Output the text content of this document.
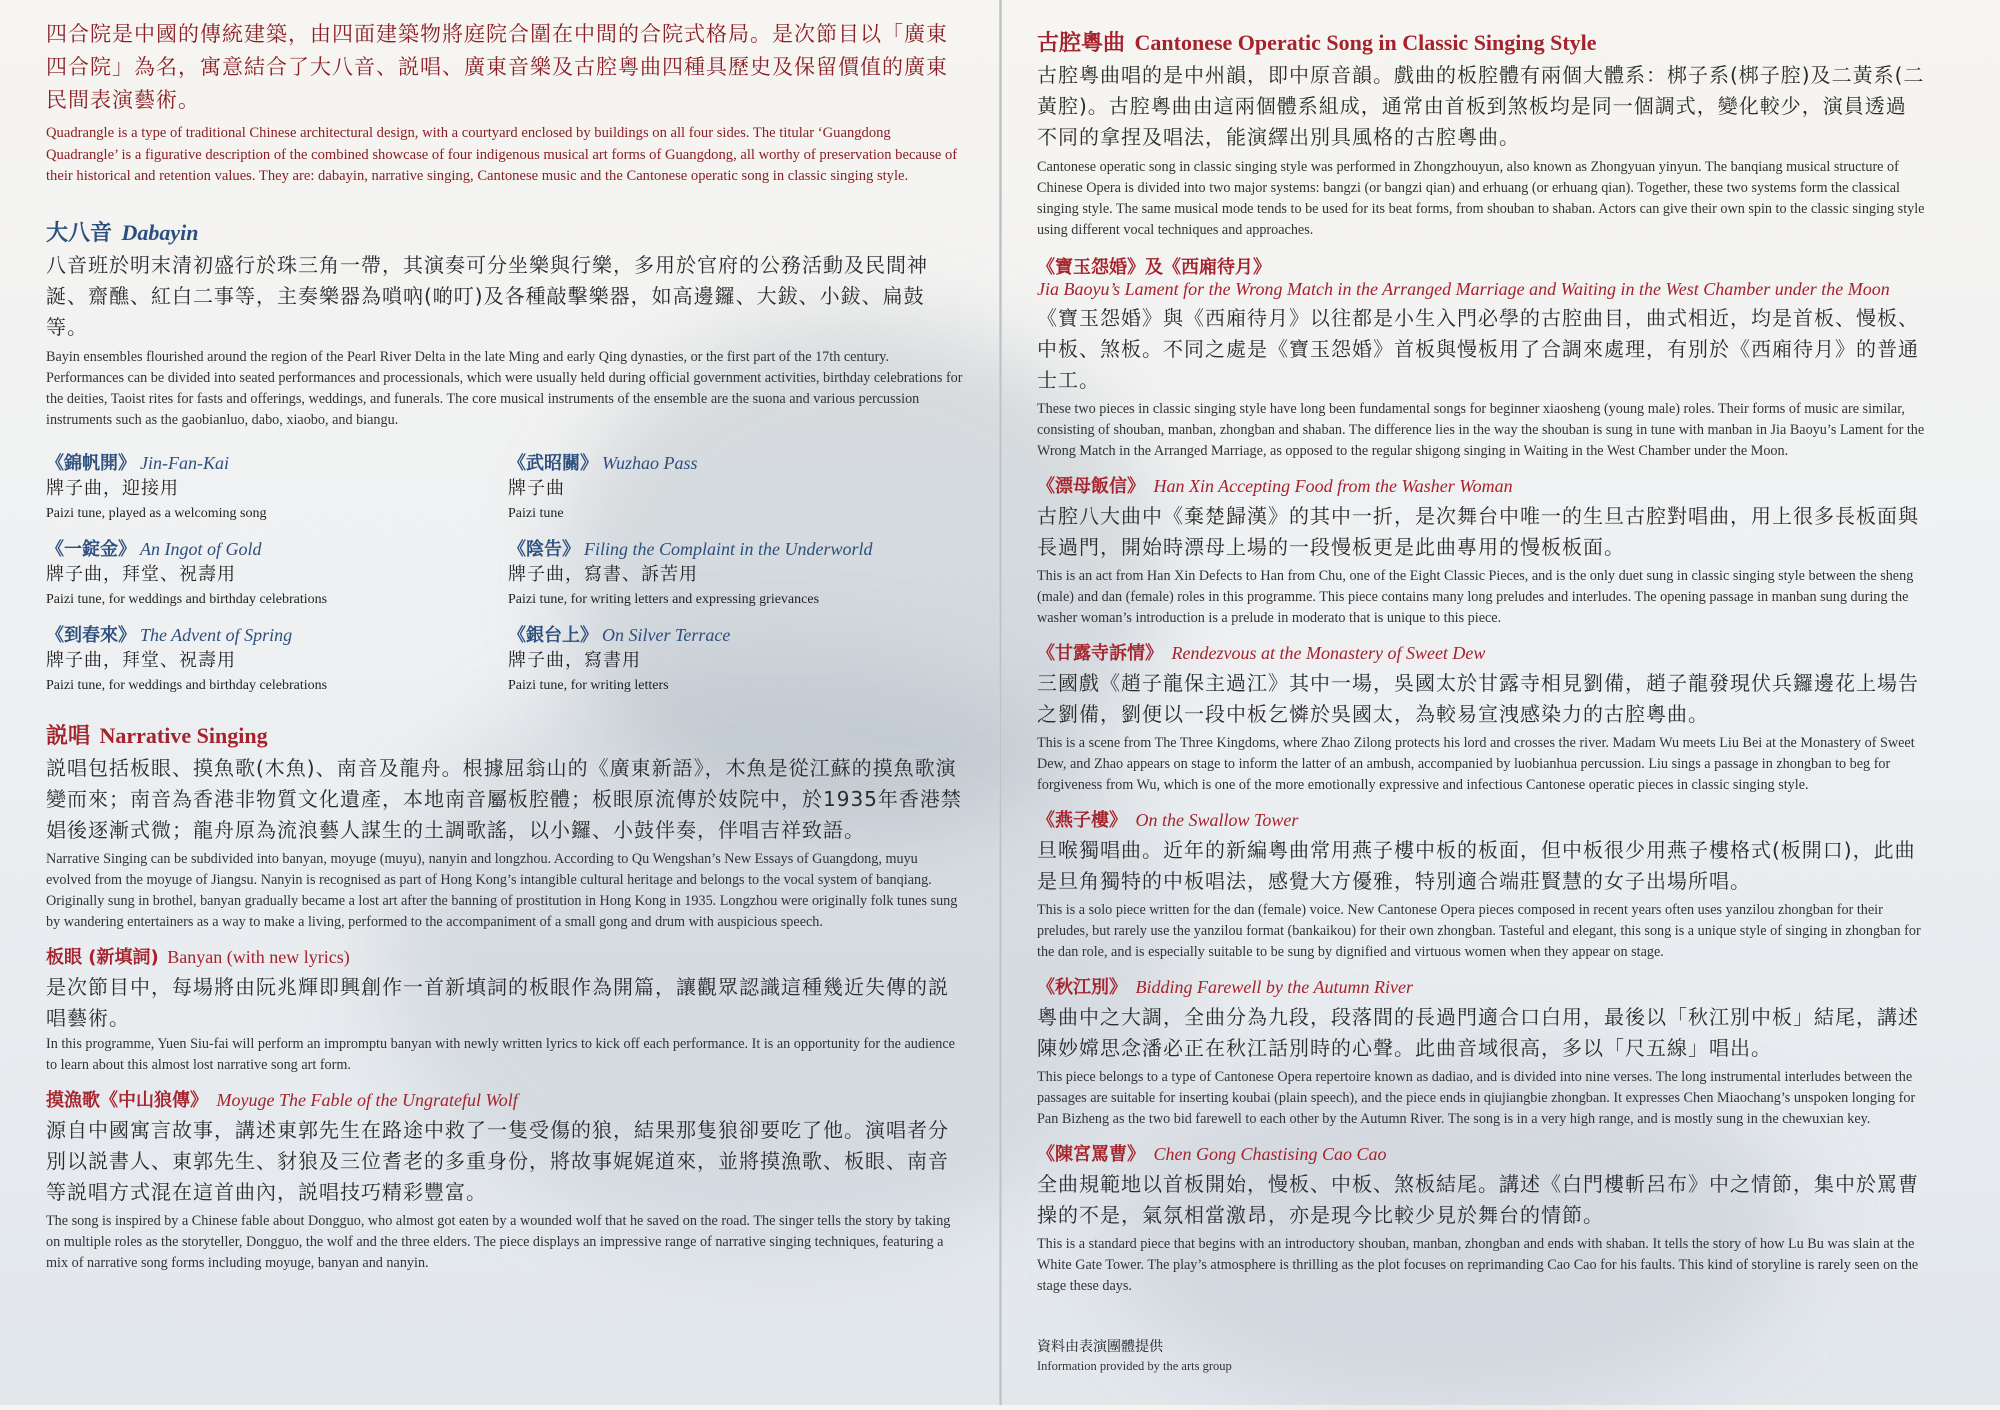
四合院是中國的傳統建築，由四面建築物將庭院合圍在中間的合院式格局。是次節目以「廣東四合院」為名，寓意結合了大八音、説唱、廣東音樂及古腔粵曲四種具歷史及保留價值的廣東民間表演藝術。

Quadrangle is a type of traditional Chinese architectural design, with a courtyard enclosed by buildings on all four sides. The titular ‘Guangdong Quadrangle’ is a figurative description of the combined showcase of four indigenous musical art forms of Guangdong, all worthy of preservation because of their historical and retention values. They are: dabayin, narrative singing, Cantonese music and the Cantonese operatic song in classic singing style.

大八音 Dabayin

八音班於明末清初盛行於珠三角一帶，其演奏可分坐樂與行樂，多用於官府的公務活動及民間神誕、齋醮、紅白二事等，主奏樂器為嗩吶(啲叮)及各種敲擊樂器，如高邊鑼、大鈸、小鈸、扁鼓等。

Bayin ensembles flourished around the region of the Pearl River Delta in the late Ming and early Qing dynasties, or the first part of the 17th century. Performances can be divided into seated performances and processionals, which were usually held during official government activities, birthday celebrations for the deities, Taoist rites for fasts and offerings, weddings, and funerals. The core musical instruments of the ensemble are the suona and various percussion instruments such as the gaobianluo, dabo, xiaobo, and biangu.

《錦帆開》 Jin-Fan-Kai

牌子曲，迎接用

Paizi tune, played as a welcoming song

《武昭關》 Wuzhao Pass

牌子曲

Paizi tune

《一錠金》 An Ingot of Gold

牌子曲，拜堂、祝壽用

Paizi tune, for weddings and birthday celebrations

《陰告》 Filing the Complaint in the Underworld

牌子曲，寫書、訴苦用

Paizi tune, for writing letters and expressing grievances

《到春來》 The Advent of Spring

牌子曲，拜堂、祝壽用

Paizi tune, for weddings and birthday celebrations

《銀台上》 On Silver Terrace

牌子曲，寫書用

Paizi tune, for writing letters

説唱 Narrative Singing

説唱包括板眼、摸魚歌(木魚)、南音及龍舟。根據屈翁山的《廣東新語》，木魚是從江蘇的摸魚歌演變而來；南音為香港非物質文化遺產，本地南音屬板腔體；板眼原流傳於妓院中，於1935年香港禁娼後逐漸式微；龍舟原為流浪藝人謀生的土調歌謠，以小鑼、小鼓伴奏，伴唱吉祥致語。

Narrative Singing can be subdivided into banyan, moyuge (muyu), nanyin and longzhou. According to Qu Wengshan’s New Essays of Guangdong, muyu evolved from the moyuge of Jiangsu. Nanyin is recognised as part of Hong Kong’s intangible cultural heritage and belongs to the vocal system of banqiang. Originally sung in brothel, banyan gradually became a lost art after the banning of prostitution in Hong Kong in 1935. Longzhou were originally folk tunes sung by wandering entertainers as a way to make a living, performed to the accompaniment of a small gong and drum with auspicious speech.

板眼 (新填詞) Banyan (with new lyrics)

是次節目中，每場將由阮兆輝即興創作一首新填詞的板眼作為開篇，讓觀眾認識這種幾近失傳的説唱藝術。

In this programme, Yuen Siu-fai will perform an impromptu banyan with newly written lyrics to kick off each performance. It is an opportunity for the audience to learn about this almost lost narrative song art form.

摸漁歌《中山狼傳》 Moyuge The Fable of the Ungrateful Wolf

源自中國寓言故事，講述東郭先生在路途中救了一隻受傷的狼，結果那隻狼卻要吃了他。演唱者分別以説書人、東郭先生、豺狼及三位耆老的多重身份，將故事娓娓道來，並將摸漁歌、板眼、南音等説唱方式混在這首曲內，説唱技巧精彩豐富。

The song is inspired by a Chinese fable about Dongguo, who almost got eaten by a wounded wolf that he saved on the road. The singer tells the story by taking on multiple roles as the storyteller, Dongguo, the wolf and the three elders. The piece displays an impressive range of narrative singing techniques, featuring a mix of narrative song forms including moyuge, banyan and nanyin.

古腔粵曲 Cantonese Operatic Song in Classic Singing Style

古腔粵曲唱的是中州韻，即中原音韻。戲曲的板腔體有兩個大體系：梆子系(梆子腔)及二黃系(二黃腔)。古腔粵曲由這兩個體系組成，通常由首板到煞板均是同一個調式，變化較少，演員透過不同的拿捏及唱法，能演繹出別具風格的古腔粵曲。

Cantonese operatic song in classic singing style was performed in Zhongzhouyun, also known as Zhongyuan yinyun. The banqiang musical structure of Chinese Opera is divided into two major systems: bangzi (or bangzi qian) and erhuang (or erhuang qian). Together, these two systems form the classical singing style. The same musical mode tends to be used for its beat forms, from shouban to shaban. Actors can give their own spin to the classic singing style using different vocal techniques and approaches.

《寶玉怨婚》及《西廂待月》
Jia Baoyu’s Lament for the Wrong Match in the Arranged Marriage and Waiting in the West Chamber under the Moon

《寶玉怨婚》與《西廂待月》以往都是小生入門必學的古腔曲目，曲式相近，均是首板、慢板、中板、煞板。不同之處是《寶玉怨婚》首板與慢板用了合調來處理，有別於《西廂待月》的普通士工。

These two pieces in classic singing style have long been fundamental songs for beginner xiaosheng (young male) roles. Their forms of music are similar, consisting of shouban, manban, zhongban and shaban. The difference lies in the way the shouban is sung in tune with manban in Jia Baoyu’s Lament for the Wrong Match in the Arranged Marriage, as opposed to the regular shigong singing in Waiting in the West Chamber under the Moon.

《漂母飯信》 Han Xin Accepting Food from the Washer Woman

古腔八大曲中《棄楚歸漢》的其中一折，是次舞台中唯一的生旦古腔對唱曲，用上很多長板面與長過門，開始時漂母上場的一段慢板更是此曲專用的慢板板面。

This is an act from Han Xin Defects to Han from Chu, one of the Eight Classic Pieces, and is the only duet sung in classic singing style between the sheng (male) and dan (female) roles in this programme. This piece contains many long preludes and interludes. The opening passage in manban sung during the washer woman’s introduction is a prelude in moderato that is unique to this piece.

《甘露寺訴情》 Rendezvous at the Monastery of Sweet Dew

三國戲《趙子龍保主過江》其中一場，吳國太於甘露寺相見劉備，趙子龍發現伏兵鑼邊花上場告之劉備，劉便以一段中板乞憐於吳國太，為較易宣洩感染力的古腔粵曲。

This is a scene from The Three Kingdoms, where Zhao Zilong protects his lord and crosses the river. Madam Wu meets Liu Bei at the Monastery of Sweet Dew, and Zhao appears on stage to inform the latter of an ambush, accompanied by luobianhua percussion. Liu sings a passage in zhongban to beg for forgiveness from Wu, which is one of the more emotionally expressive and infectious Cantonese operatic pieces in classic singing style.

《燕子樓》 On the Swallow Tower

旦喉獨唱曲。近年的新編粵曲常用燕子樓中板的板面，但中板很少用燕子樓格式(板開口)，此曲是旦角獨特的中板唱法，感覺大方優雅，特別適合端莊賢慧的女子出場所唱。

This is a solo piece written for the dan (female) voice. New Cantonese Opera pieces composed in recent years often uses yanzilou zhongban for their preludes, but rarely use the yanzilou format (bankaikou) for their own zhongban. Tasteful and elegant, this song is a unique style of singing in zhongban for the dan role, and is especially suitable to be sung by dignified and virtuous women when they appear on stage.

《秋江別》 Bidding Farewell by the Autumn River

粵曲中之大調，全曲分為九段，段落間的長過門適合口白用，最後以「秋江別中板」結尾，講述陳妙嫦思念潘必正在秋江話別時的心聲。此曲音域很高，多以「尺五線」唱出。

This piece belongs to a type of Cantonese Opera repertoire known as dadiao, and is divided into nine verses. The long instrumental interludes between the passages are suitable for inserting koubai (plain speech), and the piece ends in qiujiangbie zhongban. It expresses Chen Miaochang’s unspoken longing for Pan Bizheng as the two bid farewell to each other by the Autumn River. The song is in a very high range, and is mostly sung in the chewuxian key.

《陳宮罵曹》 Chen Gong Chastising Cao Cao

全曲規範地以首板開始，慢板、中板、煞板結尾。講述《白門樓斬呂布》中之情節，集中於罵曹操的不是，氣氛相當激昂，亦是現今比較少見於舞台的情節。

This is a standard piece that begins with an introductory shouban, manban, zhongban and ends with shaban. It tells the story of how Lu Bu was slain at the White Gate Tower. The play’s atmosphere is thrilling as the plot focuses on reprimanding Cao Cao for his faults. This kind of storyline is rarely seen on the stage these days.

資料由表演團體提供

Information provided by the arts group
